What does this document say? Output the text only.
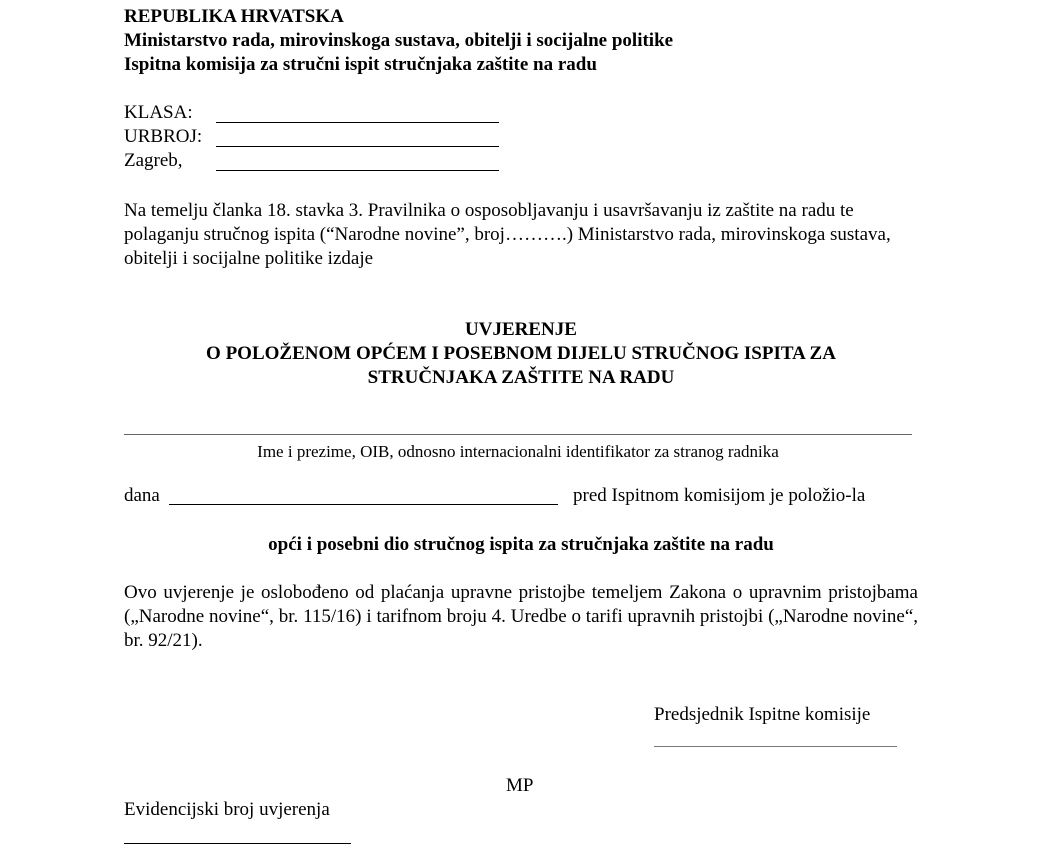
REPUBLIKA HRVATSKA
Ministarstvo rada, mirovinskoga sustava, obitelji i socijalne politike
Ispitna komisija za stručni ispit stručnjaka zaštite na radu
KLASA:
URBROJ:
Zagreb,
Na temelju članka 18. stavka 3. Pravilnika o osposobljavanju i usavršavanju iz zaštite na radu te polaganju stručnog ispita (“Narodne novine”, broj……….) Ministarstvo rada, mirovinskoga sustava, obitelji i socijalne politike izdaje
UVJERENJE
O POLOŽENOM OPĆEM I POSEBNOM DIJELU STRUČNOG ISPITA ZA
STRUČNJAKA ZAŠTITE NA RADU
Ime i prezime, OIB, odnosno internacionalni identifikator za stranog radnika
dana	pred Ispitnom komisijom je položio-la
opći i posebni dio stručnog ispita za stručnjaka zaštite na radu
Ovo uvjerenje je oslobođeno od plaćanja upravne pristojbe temeljem Zakona o upravnim pristojbama („Narodne novine“, br. 115/16) i tarifnom broju 4. Uredbe o tarifi upravnih pristojbi („Narodne novine“, br. 92/21).
Predsjednik Ispitne komisije
MP
Evidencijski broj uvjerenja
